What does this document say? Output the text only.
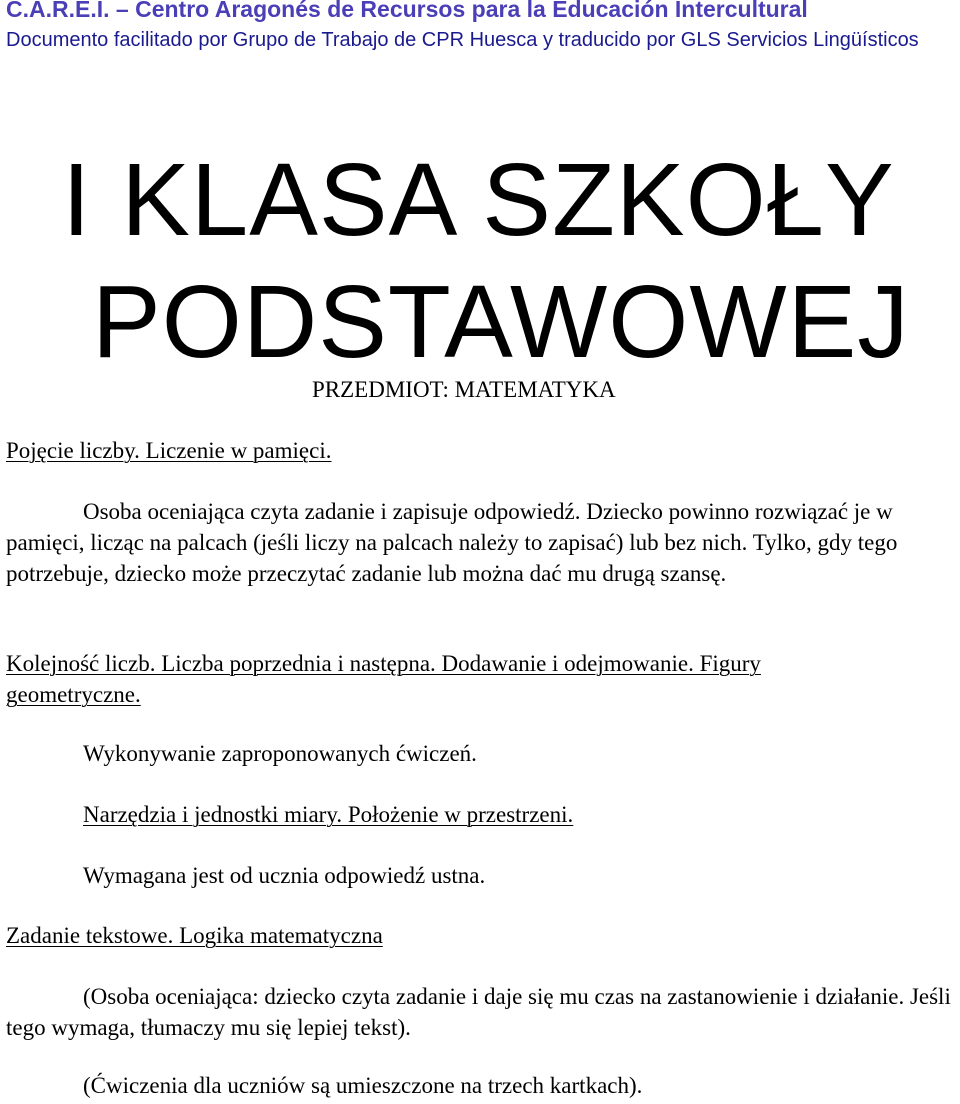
C.A.R.E.I. – Centro Aragonés de Recursos para la Educación Intercultural
Documento facilitado por Grupo de Trabajo de CPR Huesca y traducido por GLS Servicios Lingüísticos
I KLASA SZKOŁY
PODSTAWOWEJ
PRZEDMIOT: MATEMATYKA
Pojęcie liczby. Liczenie w pamięci.

Osoba oceniająca czyta zadanie i zapisuje odpowiedź. Dziecko powinno rozwiązać je w pamięci, licząc na palcach (jeśli liczy na palcach należy to zapisać) lub bez nich. Tylko, gdy tego potrzebuje, dziecko może przeczytać zadanie lub można dać mu drugą szansę.

Kolejność liczb. Liczba poprzednia i następna. Dodawanie i odejmowanie. Figury geometryczne.

Wykonywanie zaproponowanych ćwiczeń.
Narzędzia i jednostki miary. Położenie w przestrzeni.
Wymagana jest od ucznia odpowiedź ustna.
Zadanie tekstowe. Logika matematyczna

(Osoba oceniająca: dziecko czyta zadanie i daje się mu czas na zastanowienie i działanie. Jeśli tego wymaga, tłumaczy mu się lepiej tekst).

(Ćwiczenia dla uczniów są umieszczone na trzech kartkach).
